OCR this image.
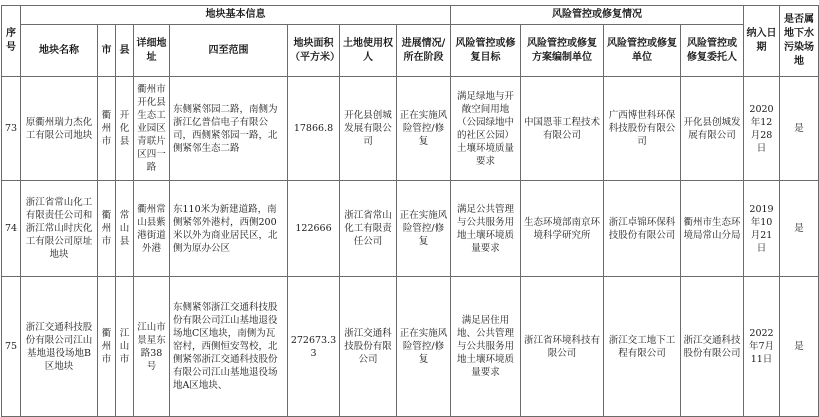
序号	地块基本信息								风险管控或修复情况				纳入日期	是否属地下水污染场地
	地块名称	市	县	详细地址	四至范围	地块面积（平方米）	土地使用权人	进展情况/所在阶段	风险管控或修复目标	风险管控或修复方案编制单位	风险管控或修复单位	风险管控或修复委托人		
73	原衢州瑞力杰化工有限公司地块	衢州市	开化县	衢州市开化县生态工业园区青联片区四一路	东侧紧邻园二路，南侧为浙江亿普信电子有限公司，西侧紧邻园一路，北侧紧邻生态二路	17866.8	开化县创城发展有限公司	正在实施风险管控/修复	满足绿地与开敞空间用地（公园绿地中的社区公园）土壤环境质量要求	中国恩菲工程技术有限公司	广西博世科环保科技股份有限公司	开化县创城发展有限公司	2020年12月28日	是
74	浙江省常山化工有限责任公司和浙江常山时庆化工有限公司原址地块	衢州市	常山县	衢州常山县紫港街道外港	东110米为新建道路，南侧紧邻外港村，西侧200米以外为商业居民区，北侧为原办公区	122666	浙江省常山化工有限责任公司	正在实施风险管控/修复	满足公共管理与公共服务用地土壤环境质量要求	生态环境部南京环境科学研究所	浙江卓锦环保科技股份有限公司	衢州市生态环境局常山分局	2019年10月21日	是
75	浙江交通科技股份有限公司江山基地退役场地B区地块	衢州市	江山市	江山市景星东路38号	东侧紧邻浙江交通科技股份有限公司江山基地退役场地C区地块，南侧为瓦窑村，西侧恒安驾校，北侧紧邻浙江交通科技股份有限公司江山基地退役场地A区地块、	272673.33	浙江交通科技股份有限公司	正在实施风险管控/修复	满足居住用地、公共管理与公共服务用地土壤环境质量要求	浙江省环境科技有限公司	浙江交工地下工程有限公司	浙江交通科技股份有限公司	2022年7月11日	是
